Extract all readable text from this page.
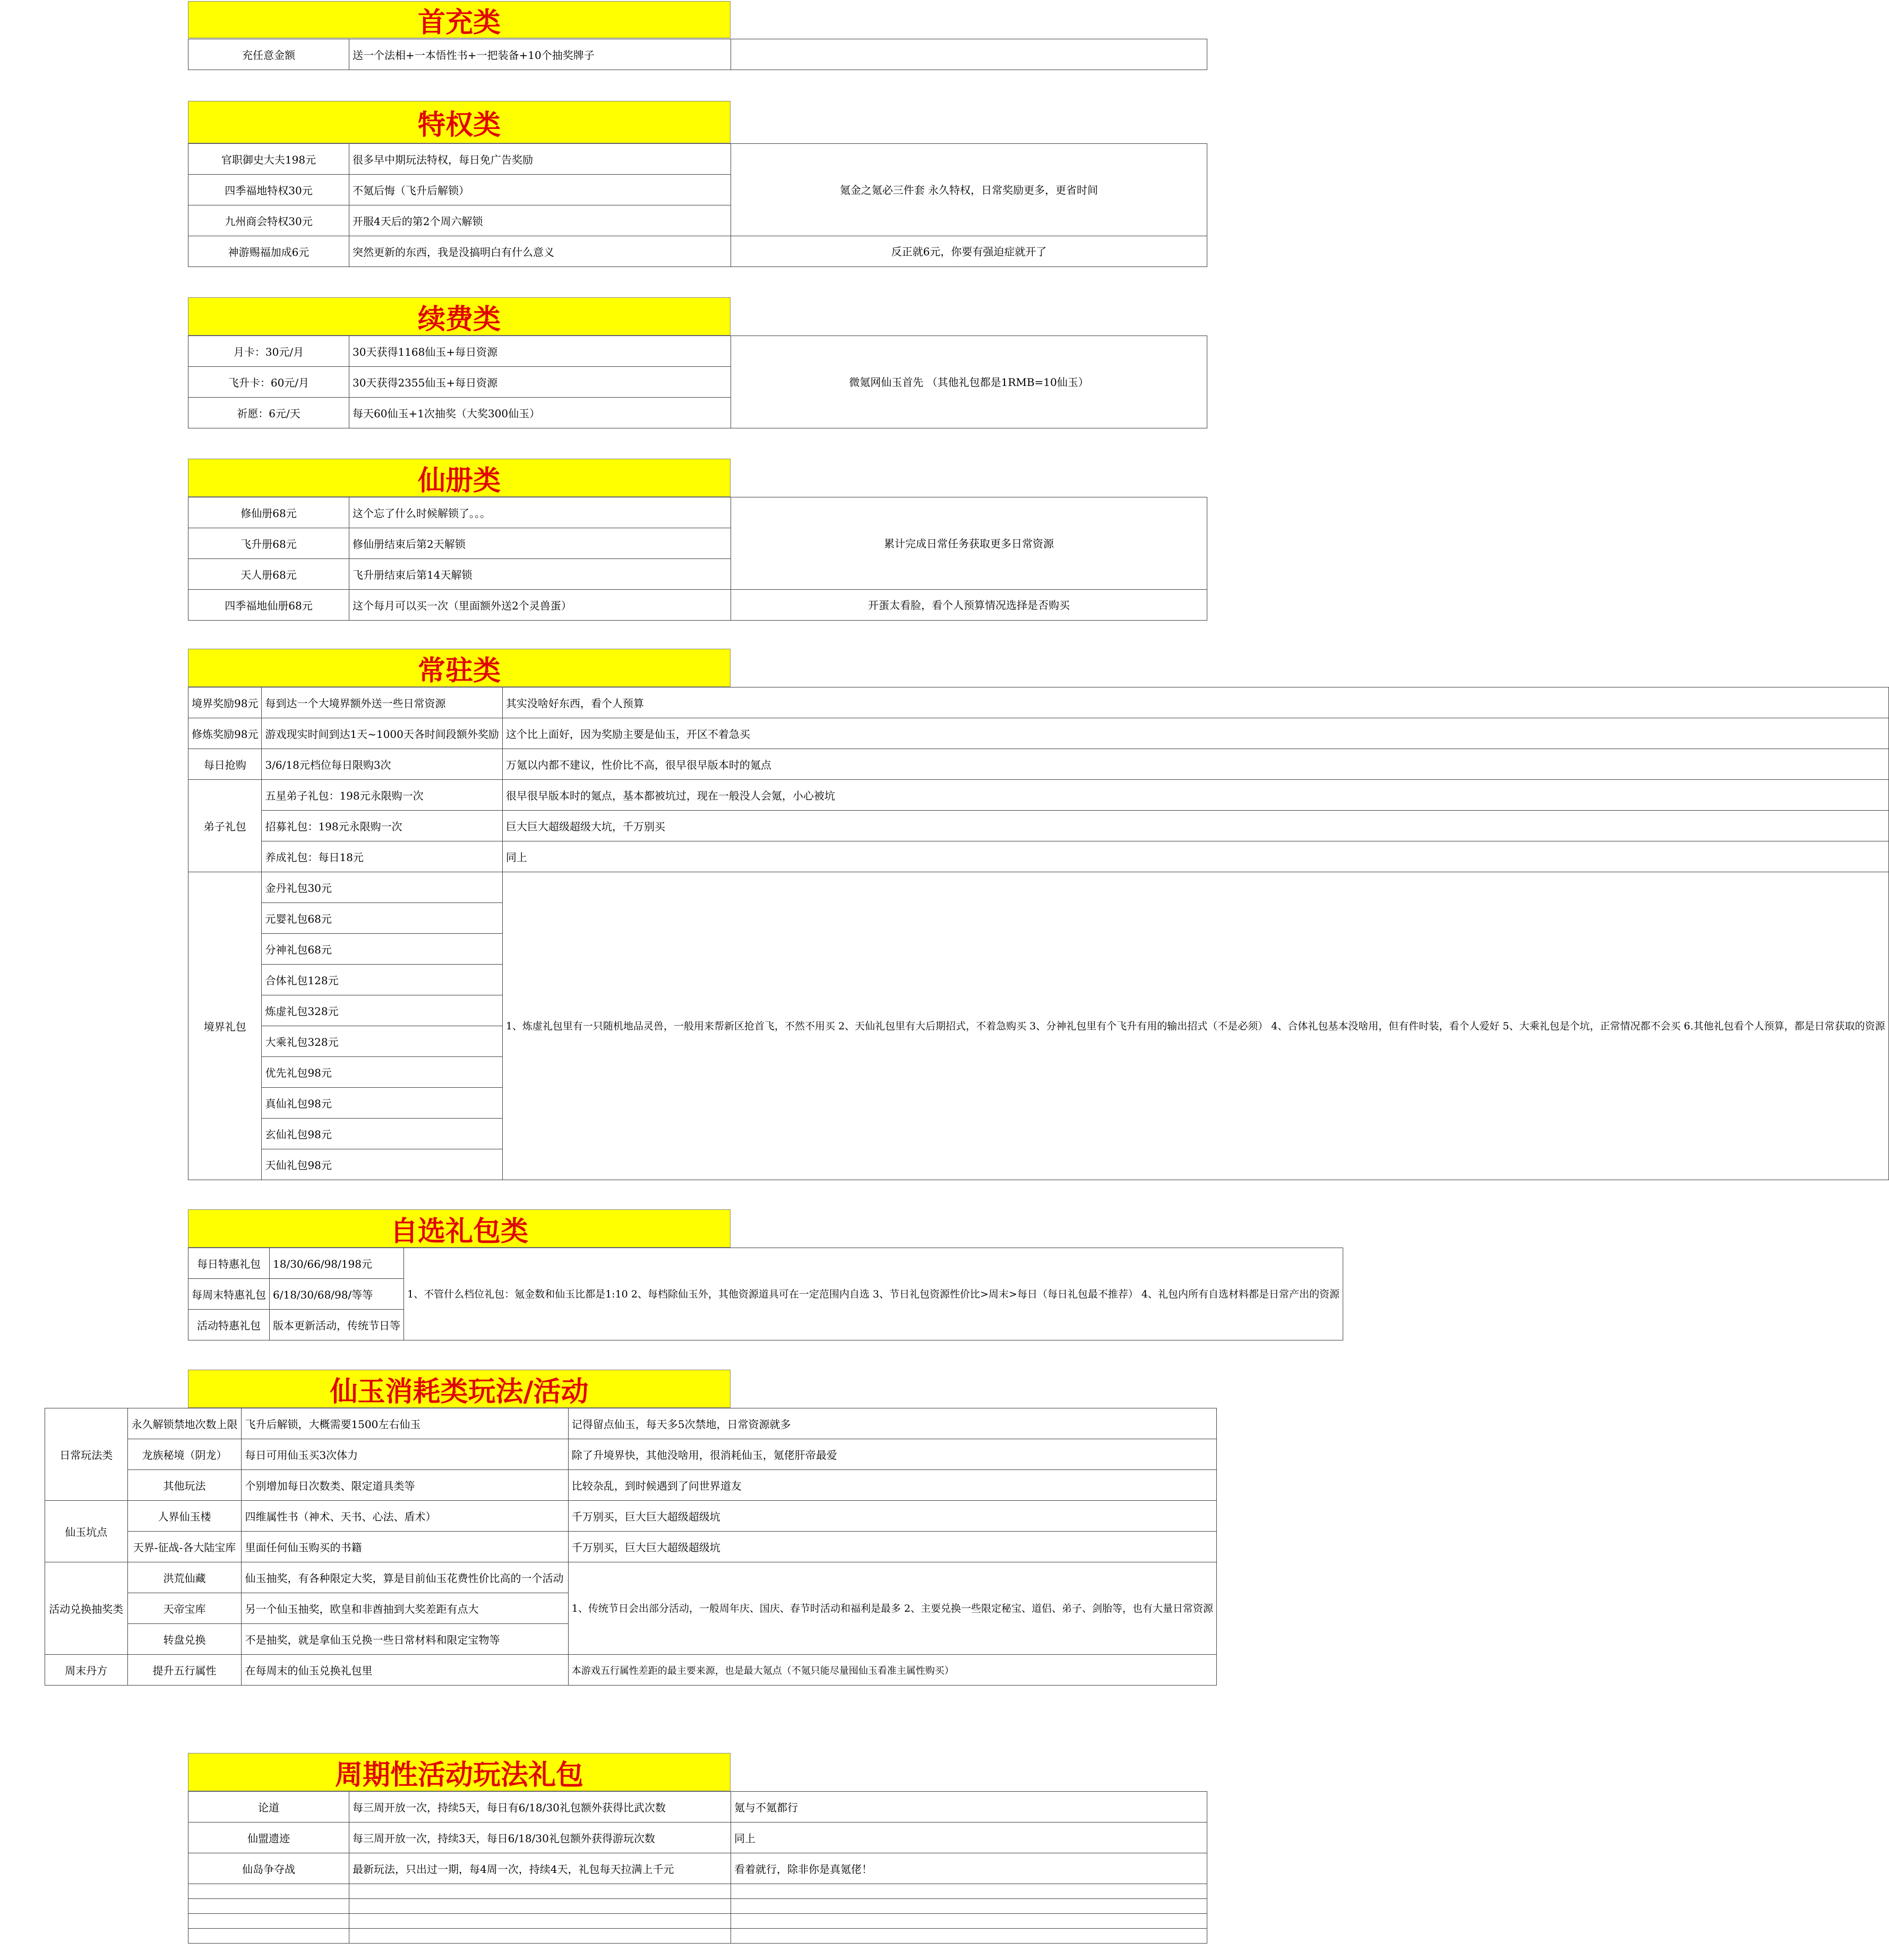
首充类
充任意金额	送一个法相+一本悟性书+一把装备+10个抽奖牌子	
特权类
官职御史大夫198元	很多早中期玩法特权，每日免广告奖励	氪金之氪必三件套 永久特权，日常奖励更多，更省时间
四季福地特权30元	不氪后悔（飞升后解锁）	
九州商会特权30元	开服4天后的第2个周六解锁	
神游赐福加成6元	突然更新的东西，我是没搞明白有什么意义	反正就6元，你要有强迫症就开了
续费类
月卡：30元/月	30天获得1168仙玉+每日资源	微氪网仙玉首先 （其他礼包都是1RMB=10仙玉）
飞升卡：60元/月	30天获得2355仙玉+每日资源	
祈愿：6元/天	每天60仙玉+1次抽奖（大奖300仙玉）	
仙册类
修仙册68元	这个忘了什么时候解锁了。。。	累计完成日常任务获取更多日常资源
飞升册68元	修仙册结束后第2天解锁	
天人册68元	飞升册结束后第14天解锁	
四季福地仙册68元	这个每月可以买一次（里面额外送2个灵兽蛋）	开蛋太看脸，看个人预算情况选择是否购买
常驻类
境界奖励98元	每到达一个大境界额外送一些日常资源	其实没啥好东西，看个人预算
修炼奖励98元	游戏现实时间到达1天~1000天各时间段额外奖励	这个比上面好，因为奖励主要是仙玉，开区不着急买
每日抢购	3/6/18元档位每日限购3次	万氪以内都不建议，性价比不高，很早很早版本时的氪点
弟子礼包	五星弟子礼包：198元永限购一次	很早很早版本时的氪点，基本都被坑过，现在一般没人会氪，小心被坑
	招募礼包：198元永限购一次	巨大巨大超级超级大坑，千万别买
	养成礼包：每日18元	同上
境界礼包	金丹礼包30元	1、炼虚礼包里有一只随机地品灵兽，一般用来帮新区抢首飞，不然不用买 2、天仙礼包里有大后期招式，不着急购买 3、分神礼包里有个飞升有用的输出招式（不是必须） 4、合体礼包基本没啥用，但有件时装，看个人爱好 5、大乘礼包是个坑，正常情况都不会买 6.其他礼包看个人预算，都是日常获取的资源
	元婴礼包68元	
	分神礼包68元	
	合体礼包128元	
	炼虚礼包328元	
	大乘礼包328元	
	优先礼包98元	
	真仙礼包98元	
	玄仙礼包98元	
	天仙礼包98元	
自选礼包类
每日特惠礼包	18/30/66/98/198元	1、不管什么档位礼包：氪金数和仙玉比都是1:10 2、每档除仙玉外，其他资源道具可在一定范围内自选 3、节日礼包资源性价比>周末>每日（每日礼包最不推荐） 4、礼包内所有自选材料都是日常产出的资源
每周末特惠礼包	6/18/30/68/98/等等	
活动特惠礼包	版本更新活动，传统节日等	
仙玉消耗类玩法/活动
日常玩法类	永久解锁禁地次数上限	飞升后解锁，大概需要1500左右仙玉	记得留点仙玉，每天多5次禁地，日常资源就多
	龙族秘境（阴龙）	每日可用仙玉买3次体力	除了升境界快，其他没啥用，很消耗仙玉，氪佬肝帝最爱
	其他玩法	个别增加每日次数类、限定道具类等	比较杂乱，到时候遇到了问世界道友
仙玉坑点	人界仙玉楼	四维属性书（神术、天书、心法、盾术）	千万别买，巨大巨大超级超级坑
	天界-征战-各大陆宝库	里面任何仙玉购买的书籍	千万别买，巨大巨大超级超级坑
活动兑换抽奖类	洪荒仙藏	仙玉抽奖，有各种限定大奖，算是目前仙玉花费性价比高的一个活动	1、传统节日会出部分活动，一般周年庆、国庆、春节时活动和福利是最多 2、主要兑换一些限定秘宝、道侣、弟子、剑胎等，也有大量日常资源
	天帝宝库	另一个仙玉抽奖，欧皇和非酋抽到大奖差距有点大	
	转盘兑换	不是抽奖，就是拿仙玉兑换一些日常材料和限定宝物等	
周末丹方	提升五行属性	在每周末的仙玉兑换礼包里	本游戏五行属性差距的最主要来源，也是最大氪点（不氪只能尽量囤仙玉看准主属性购买）
周期性活动玩法礼包
论道	每三周开放一次，持续5天，每日有6/18/30礼包额外获得比武次数	氪与不氪都行
仙盟遗迹	每三周开放一次，持续3天，每日6/18/30礼包额外获得游玩次数	同上
仙岛争夺战	最新玩法，只出过一期，每4周一次，持续4天，礼包每天拉满上千元	看着就行，除非你是真氪佬！
